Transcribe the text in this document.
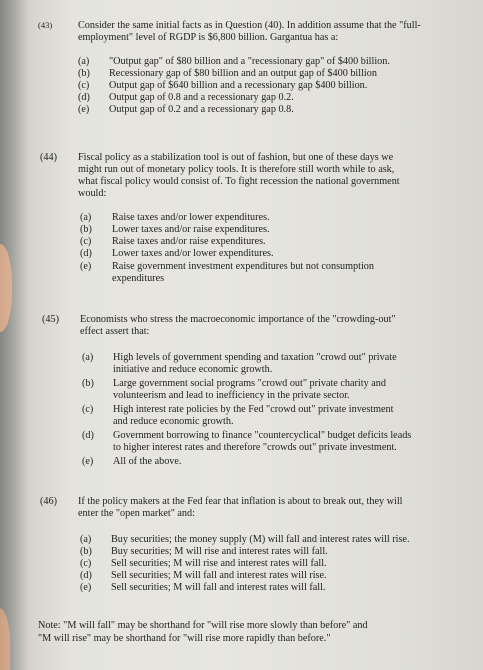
(43)	Consider the same initial facts as in Question (40). In addition assume that the "full-
employment" level of RGDP is $6,800 billion. Gargantua has a:
(a) "Output gap" of $80 billion and a "recessionary gap" of $400 billion.
(b) Recessionary gap of $80 billion and an output gap of $400 billion
(c) Output gap of $640 billion and a recessionary gap $400 billion.
(d) Output gap of 0.8 and a recessionary gap 0.2.
(e) Output gap of 0.2 and a recessionary gap 0.8.
(44) Fiscal policy as a stabilization tool is out of fashion, but one of these days we
might run out of monetary policy tools. It is therefore still worth while to ask,
what fiscal policy would consist of. To fight recession the national government
would:
(a) Raise taxes and/or lower expenditures.
(b) Lower taxes and/or raise expenditures.
(c) Raise taxes and/or raise expenditures.
(d) Lower taxes and/or lower expenditures.
(e) Raise government investment expenditures but not consumption
expenditures
(45) Economists who stress the macroeconomic importance of the "crowding-out"
effect assert that:
(a) High levels of government spending and taxation "crowd out" private
initiative and reduce economic growth.
(b) Large government social programs "crowd out" private charity and
volunteerism and lead to inefficiency in the private sector.
(c) High interest rate policies by the Fed "crowd out" private investment
and reduce economic growth.
(d) Government borrowing to finance "countercyclical" budget deficits leads
to higher interest rates and therefore "crowds out" private investment.
(e) All of the above.
(46) If the policy makers at the Fed fear that inflation is about to break out, they will
enter the "open market" and:
(a) Buy securities; the money supply (M) will fall and interest rates will rise.
(b) Buy securities; M will rise and interest rates will fall.
(c) Sell securities; M will rise and interest rates will fall.
(d) Sell securities; M will fall and interest rates will rise.
(e) Sell securities; M will fall and interest rates will fall.
Note: "M will fall" may be shorthand for "will rise more slowly than before" and
"M will rise" may be shorthand for "will rise more rapidly than before."
